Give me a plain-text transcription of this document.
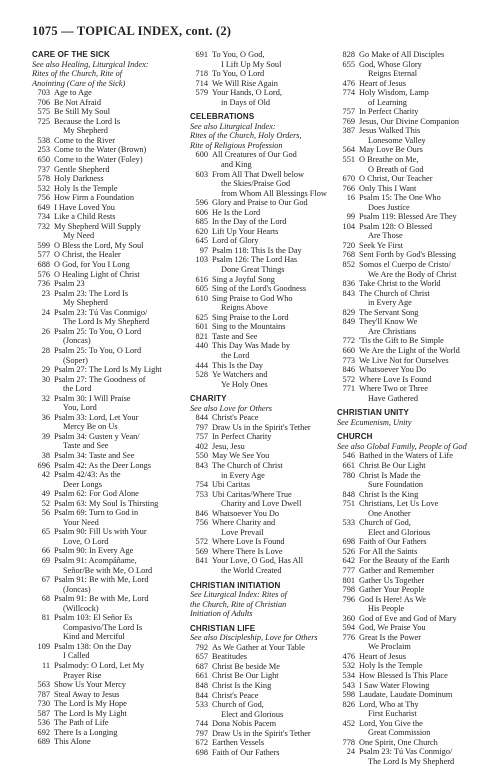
1075 — TOPICAL INDEX, cont. (2)
CARE OF THE SICK
See also Healing, Liturgical Index:
Rites of the Church, Rite of
Anointing (Care of the Sick)
703 Age to Age
706 Be Not Afraid
575 Be Still My Soul
725 Because the Lord Is
My Shepherd
538 Come to the River
253 Come to the Water (Brown)
650 Come to the Water (Foley)
737 Gentle Shepherd
578 Holy Darkness
532 Holy Is the Temple
756 How Firm a Foundation
649 I Have Loved You
734 Like a Child Rests
732 My Shepherd Will Supply
My Need
599 O Bless the Lord, My Soul
577 O Christ, the Healer
688 O God, for You I Long
576 O Healing Light of Christ
736 Psalm 23
23 Psalm 23: The Lord Is
My Shepherd
24 Psalm 23: Tú Vas Conmigo/
The Lord Is My Shepherd
26 Psalm 25: To You, O Lord
(Joncas)
28 Psalm 25: To You, O Lord
(Soper)
29 Psalm 27: The Lord Is My Light
30 Psalm 27: The Goodness of
the Lord
32 Psalm 30: I Will Praise
You, Lord
36 Psalm 33: Lord, Let Your
Mercy Be on Us
39 Psalm 34: Gusten y Vean/
Taste and See
38 Psalm 34: Taste and See
696 Psalm 42: As the Deer Longs
42 Psalm 42/43: As the
Deer Longs
49 Psalm 62: For God Alone
52 Psalm 63: My Soul Is Thirsting
56 Psalm 69: Turn to God in
Your Need
65 Psalm 90: Fill Us with Your
Love, O Lord
66 Psalm 90: In Every Age
69 Psalm 91: Acompáñame,
Señor/Be with Me, O Lord
67 Psalm 91: Be with Me, Lord
(Joncas)
68 Psalm 91: Be with Me, Lord
(Willcock)
81 Psalm 103: El Señor Es
Compasivo/The Lord Is
Kind and Merciful
109 Psalm 138: On the Day
I Called
11 Psalmody: O Lord, Let My
Prayer Rise
563 Show Us Your Mercy
787 Steal Away to Jesus
730 The Lord Is My Hope
587 The Lord Is My Light
536 The Path of Life
692 There Is a Longing
689 This Alone
691 To You, O God,
I Lift Up My Soul
718 To You, O Lord
714 We Will Rise Again
579 Your Hands, O Lord,
in Days of Old
CELEBRATIONS
See also Liturgical Index:
Rites of the Church, Holy Orders,
Rite of Religious Profession
600 All Creatures of Our God
and King
603 From All That Dwell below
the Skies/Praise God
from Whom All Blessings Flow
596 Glory and Praise to Our God
606 He Is the Lord
685 In the Day of the Lord
620 Lift Up Your Hearts
645 Lord of Glory
97 Psalm 118: This Is the Day
103 Psalm 126: The Lord Has
Done Great Things
616 Sing a Joyful Song
605 Sing of the Lord's Goodness
610 Sing Praise to God Who
Reigns Above
625 Sing Praise to the Lord
601 Sing to the Mountains
821 Taste and See
440 This Day Was Made by
the Lord
444 This Is the Day
528 Ye Watchers and
Ye Holy Ones
CHARITY
See also Love for Others
844 Christ's Peace
797 Draw Us in the Spirit's Tether
757 In Perfect Charity
402 Jesu, Jesu
550 May We See You
843 The Church of Christ
in Every Age
754 Ubi Caritas
753 Ubi Caritas/Where True
Charity and Love Dwell
846 Whatsoever You Do
756 Where Charity and
Love Prevail
572 Where Love Is Found
569 Where There Is Love
841 Your Love, O God, Has All
the World Created
CHRISTIAN INITIATION
See Liturgical Index: Rites of
the Church, Rite of Christian
Initiation of Adults
CHRISTIAN LIFE
See also Discipleship, Love for Others
792 As We Gather at Your Table
657 Beatitudes
687 Christ Be beside Me
661 Christ Be Our Light
848 Christ Is the King
844 Christ's Peace
533 Church of God,
Elect and Glorious
744 Dona Nobis Pacem
797 Draw Us in the Spirit's Tether
672 Earthen Vessels
698 Faith of Our Fathers
828 Go Make of All Disciples
655 God, Whose Glory
Reigns Eternal
476 Heart of Jesus
774 Holy Wisdom, Lamp
of Learning
757 In Perfect Charity
769 Jesus, Our Divine Companion
387 Jesus Walked This
Lonesome Valley
564 May Love Be Ours
551 O Breathe on Me,
O Breath of God
670 O Christ, Our Teacher
766 Only This I Want
16 Psalm 15: The One Who
Does Justice
99 Psalm 119: Blessed Are They
104 Psalm 128: O Blessed
Are Those
720 Seek Ye First
768 Sent Forth by God's Blessing
852 Somos el Cuerpo de Cristo/
We Are the Body of Christ
836 Take Christ to the World
843 The Church of Christ
in Every Age
829 The Servant Song
849 They'll Know We
Are Christians
772 'Tis the Gift to Be Simple
660 We Are the Light of the World
773 We Live Not for Ourselves
846 Whatsoever You Do
572 Where Love Is Found
771 Where Two or Three
Have Gathered
CHRISTIAN UNITY
See Ecumenism, Unity
CHURCH
See also Global Family, People of God
546 Bathed in the Waters of Life
661 Christ Be Our Light
780 Christ Is Made the
Sure Foundation
848 Christ Is the King
751 Christians, Let Us Love
One Another
533 Church of God,
Elect and Glorious
698 Faith of Our Fathers
526 For All the Saints
642 For the Beauty of the Earth
777 Gather and Remember
801 Gather Us Together
798 Gather Your People
796 God Is Here! As We
His People
360 God of Eve and God of Mary
594 God, We Praise You
776 Great Is the Power
We Proclaim
476 Heart of Jesus
532 Holy Is the Temple
534 How Blessed Is This Place
543 I Saw Water Flowing
598 Laudate, Laudate Dominum
826 Lord, Who at Thy
First Eucharist
452 Lord, You Give the
Great Commission
778 One Spirit, One Church
24 Psalm 23: Tú Vas Conmigo/
The Lord Is My Shepherd
